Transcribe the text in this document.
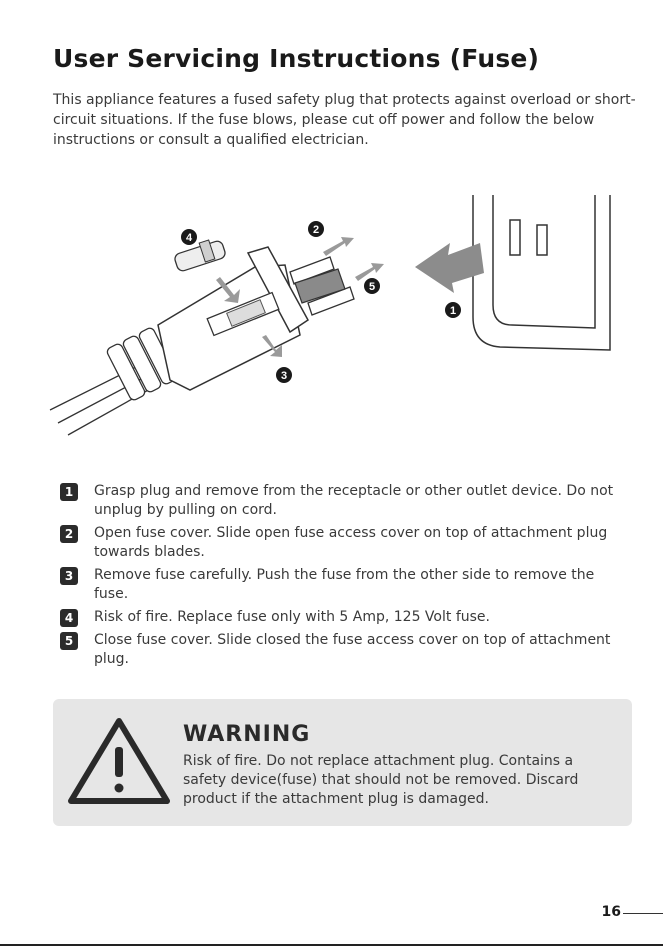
User Servicing Instructions (Fuse)

This appliance features a fused safety plug that protects against overload or short-circuit situations. If the fuse blows, please cut off power and follow the below instructions or consult a qualified electrician.

4
2
5
3
1
1	Grasp plug and remove from the receptacle or other outlet device. Do not unplug by pulling on cord.
2	Open fuse cover. Slide open fuse access cover on top of attachment plug towards blades.
3	Remove fuse carefully. Push the fuse from the other side to remove the fuse.
4	Risk of fire. Replace fuse only with 5 Amp, 125 Volt fuse.
5	Close fuse cover. Slide closed the fuse access cover on top of attachment plug.
WARNING

Risk of fire. Do not replace attachment plug. Contains a safety device(fuse) that should not be removed. Discard product if the attachment plug is damaged.

16
